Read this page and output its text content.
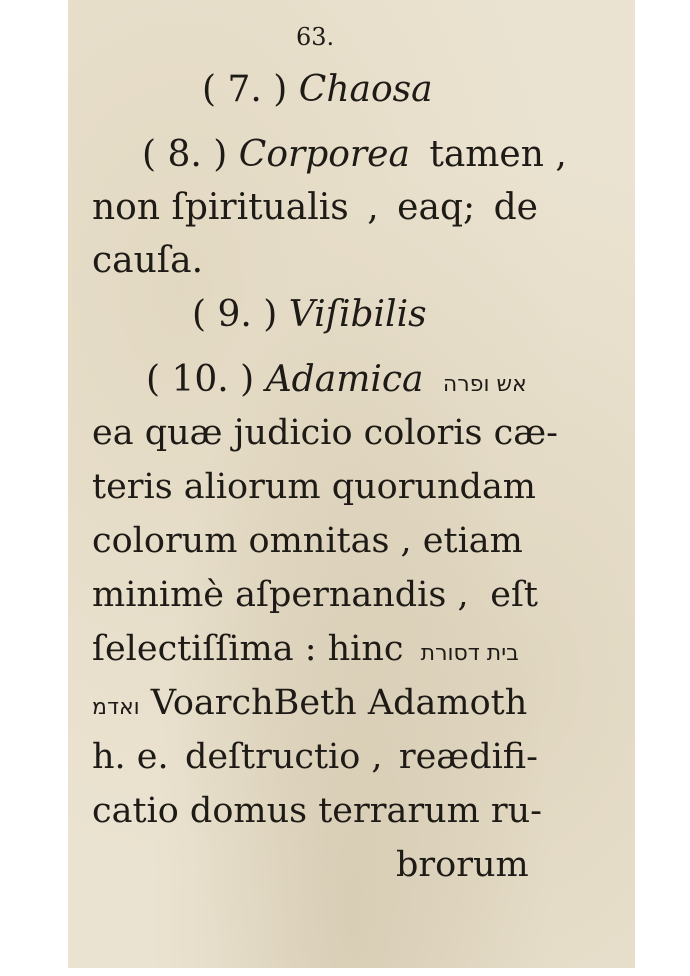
63.
( 7. ) Chaosa
( 8. ) Corporea tamen ,
non ſpiritualis , eaq; de
cauſa.
( 9. ) Viſibilis
( 10. ) Adamica אש ופרה
ea quæ judicio coloris cæ-
teris aliorum quorundam
colorum omnitas , etiam
minimè aſpernandis , eſt
ſelectiſſima : hinc בית דסורת
ואדמ VoarchBeth Adamoth
h. e. deſtructio , reædifi-
catio domus terrarum ru-
brorum
